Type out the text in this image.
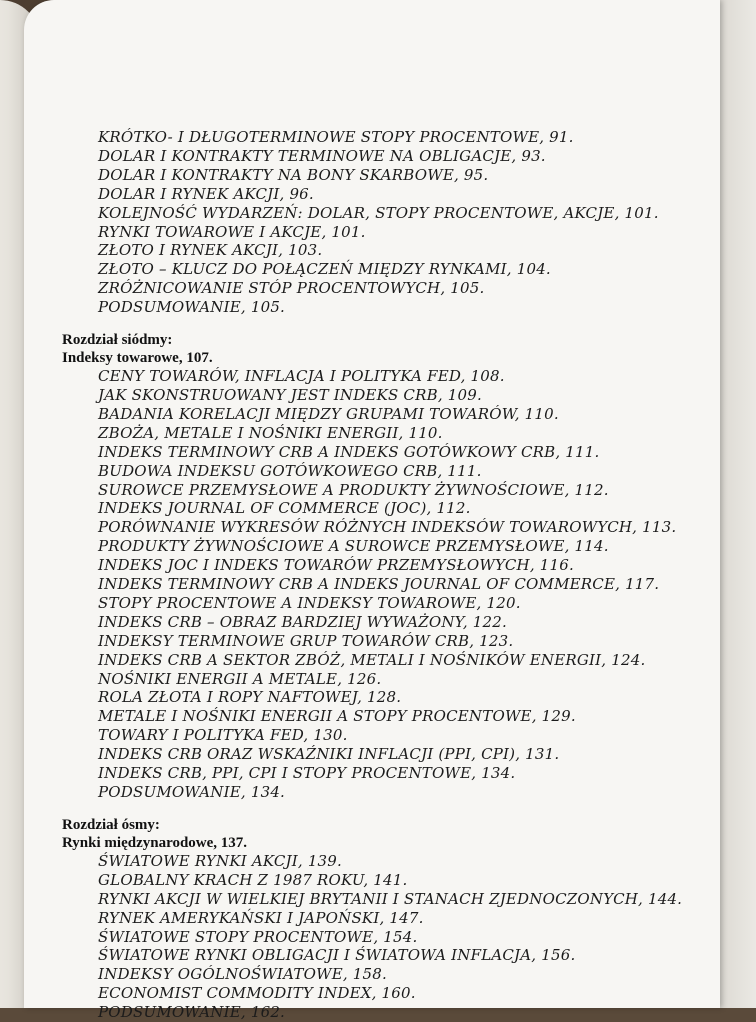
KRÓTKO- I DŁUGOTERMINOWE STOPY PROCENTOWE, 91.
DOLAR I KONTRAKTY TERMINOWE NA OBLIGACJE, 93.
DOLAR I KONTRAKTY NA BONY SKARBOWE, 95.
DOLAR I RYNEK AKCJI, 96.
KOLEJNOŚĆ WYDARZEŃ: DOLAR, STOPY PROCENTOWE, AKCJE, 101.
RYNKI TOWAROWE I AKCJE, 101.
ZŁOTO I RYNEK AKCJI, 103.
ZŁOTO – KLUCZ DO POŁĄCZEŃ MIĘDZY RYNKAMI, 104.
ZRÓŻNICOWANIE STÓP PROCENTOWYCH, 105.
PODSUMOWANIE, 105.
Rozdział siódmy:
Indeksy towarowe, 107.
CENY TOWARÓW, INFLACJA I POLITYKA FED, 108.
JAK SKONSTRUOWANY JEST INDEKS CRB, 109.
BADANIA KORELACJI MIĘDZY GRUPAMI TOWARÓW, 110.
ZBOŻA, METALE I NOŚNIKI ENERGII, 110.
INDEKS TERMINOWY CRB A INDEKS GOTÓWKOWY CRB, 111.
BUDOWA INDEKSU GOTÓWKOWEGO CRB, 111.
SUROWCE PRZEMYSŁOWE A PRODUKTY ŻYWNOŚCIOWE, 112.
INDEKS JOURNAL OF COMMERCE (JOC), 112.
PORÓWNANIE WYKRESÓW RÓŻNYCH INDEKSÓW TOWAROWYCH, 113.
PRODUKTY ŻYWNOŚCIOWE A SUROWCE PRZEMYSŁOWE, 114.
INDEKS JOC I INDEKS TOWARÓW PRZEMYSŁOWYCH, 116.
INDEKS TERMINOWY CRB A INDEKS JOURNAL OF COMMERCE, 117.
STOPY PROCENTOWE A INDEKSY TOWAROWE, 120.
INDEKS CRB – OBRAZ BARDZIEJ WYWAŻONY, 122.
INDEKSY TERMINOWE GRUP TOWARÓW CRB, 123.
INDEKS CRB A SEKTOR ZBÓŻ, METALI I NOŚNIKÓW ENERGII, 124.
NOŚNIKI ENERGII A METALE, 126.
ROLA ZŁOTA I ROPY NAFTOWEJ, 128.
METALE I NOŚNIKI ENERGII A STOPY PROCENTOWE, 129.
TOWARY I POLITYKA FED, 130.
INDEKS CRB ORAZ WSKAŹNIKI INFLACJI (PPI, CPI), 131.
INDEKS CRB, PPI, CPI I STOPY PROCENTOWE, 134.
PODSUMOWANIE, 134.
Rozdział ósmy:
Rynki międzynarodowe, 137.
ŚWIATOWE RYNKI AKCJI, 139.
GLOBALNY KRACH Z 1987 ROKU, 141.
RYNKI AKCJI W WIELKIEJ BRYTANII I STANACH ZJEDNOCZONYCH, 144.
RYNEK AMERYKAŃSKI I JAPOŃSKI, 147.
ŚWIATOWE STOPY PROCENTOWE, 154.
ŚWIATOWE RYNKI OBLIGACJI I ŚWIATOWA INFLACJA, 156.
INDEKSY OGÓLNOŚWIATOWE, 158.
ECONOMIST COMMODITY INDEX, 160.
PODSUMOWANIE, 162.
